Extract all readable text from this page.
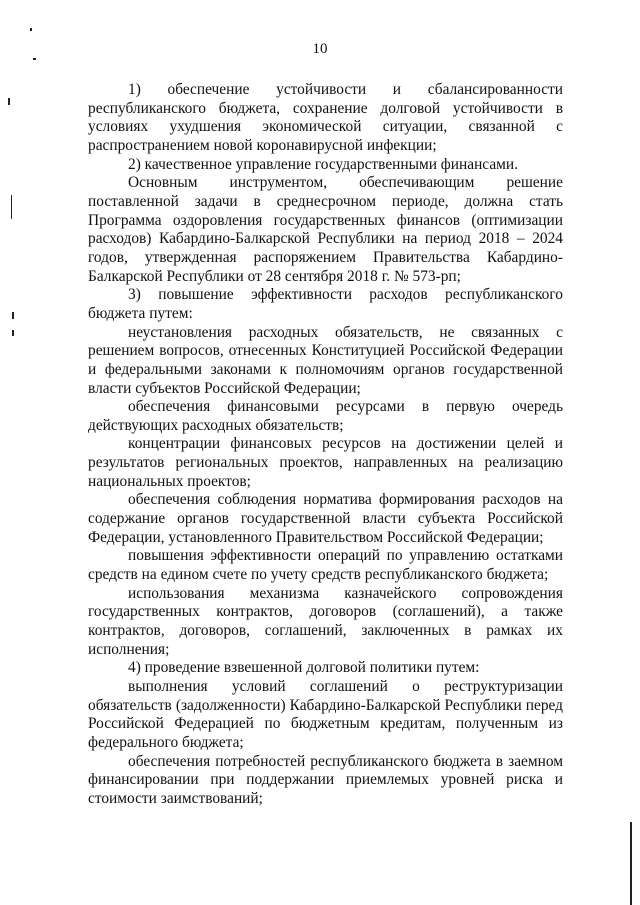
10

1) обеспечение устойчивости и сбалансированности республиканского бюджета, сохранение долговой устойчивости в условиях ухудшения экономической ситуации, связанной с распространением новой коронавирусной инфекции;

2) качественное управление государственными финансами.

Основным инструментом, обеспечивающим решение поставленной задачи в среднесрочном периоде, должна стать Программа оздоровления государственных финансов (оптимизации расходов) Кабардино-Балкарской Республики на период 2018 – 2024 годов, утвержденная распоряжением Правительства Кабардино-Балкарской Республики от 28 сентября 2018 г. № 573-рп;

3) повышение эффективности расходов республиканского бюджета путем:

неустановления расходных обязательств, не связанных с решением вопросов, отнесенных Конституцией Российской Федерации и федеральными законами к полномочиям органов государственной власти субъектов Российской Федерации;

обеспечения финансовыми ресурсами в первую очередь действующих расходных обязательств;

концентрации финансовых ресурсов на достижении целей и результатов региональных проектов, направленных на реализацию национальных проектов;

обеспечения соблюдения норматива формирования расходов на содержание органов государственной власти субъекта Российской Федерации, установленного Правительством Российской Федерации;

повышения эффективности операций по управлению остатками средств на едином счете по учету средств республиканского бюджета;

использования механизма казначейского сопровождения государственных контрактов, договоров (соглашений), а также контрактов, договоров, соглашений, заключенных в рамках их исполнения;

4) проведение взвешенной долговой политики путем:

выполнения условий соглашений о реструктуризации обязательств (задолженности) Кабардино-Балкарской Республики перед Российской Федерацией по бюджетным кредитам, полученным из федерального бюджета;

обеспечения потребностей республиканского бюджета в заемном финансировании при поддержании приемлемых уровней риска и стоимости заимствований;
